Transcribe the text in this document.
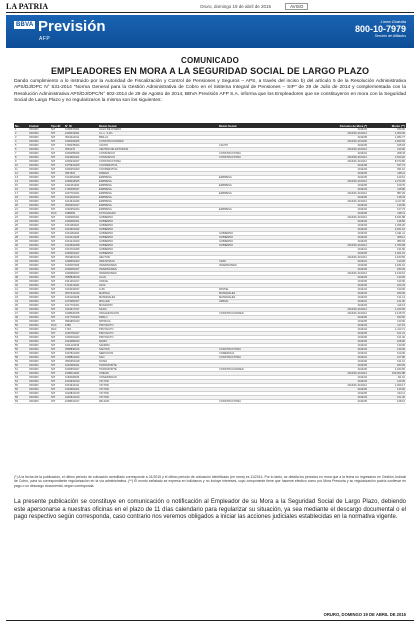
LA PATRIA	Oruro, domingo 19 de abril de 2015	AVISO
BBVA Previsión
AFP
Línea Gratuita
800-10-7979
Servicio de Afiliados
COMUNICADO
EMPLEADORES EN MORA A LA SEGURIDAD SOCIAL DE LARGO PLAZO

Dando cumplimiento a lo instruido por la Autoridad de Fiscalización y Control de Pensiones y Seguros – APS, a través del inciso b) del artículo 5 de la Resolución Administrativa APS/DJ/DPC N° 531-2014 "Norma General para la Gestión Administrativa de Cobro en el Sistema Integral de Pensiones – SIP" de 29 de Julio de 2014 y complementada con la Resolución Administrativa APS/DJ/DPC/N° 602-2014 de 29 de Agosto de 2014, BBVA Previsión AFP S.A. informa que los Empleadores que se constituyeron en mora con la Seguridad Social de Largo Plazo y no regularizaron la misma son los siguientes:

No.	Ciudad	Tipo ID	N° ID	Razón Social	Razón Social	Periodos de Mora (*)	Monto (**)
1	ORURO	NIT	1006047021	ALGO DE DISEÑO		2014/03	180.00
2	ORURO	NIT	1028419021	A.L.L. S.R.L.		2014/01-2014/12	1,000.00
3	ORURO	NIT	3519224011	BRILLO		2014/05	1,384.77
4	ORURO	NIT	1500026025	CONSTRUCCIONES		2014/01-2014/06	1,820.00
5	ORURO	NIT	1700078024	CANTO	CANTO	2014/05	165.04
6	ORURO	CI	3549170	CENTRO DE ESTUDIOS		2014/01-2014/12	140.00
7	ORURO	NIT	1000255026	CONSORCIO	CONSTRUCTORA	2014/01	208.43
8	ORURO	NIT	1023481021	CONSORCIO	CONSTRUCTORA	2014/06-2014/12	1,540.20
9	ORURO	NIT	1000232027	CONSTRUCTORA		2014/01-2014/12	8,372.80
10	ORURO	NIT	1075941025	COOPERATIVA		2014/08	157.74
11	ORURO	NIT	1006251020	COOPERATIVA		2014/03	291.10
12	ORURO	NIT	3547601	DISEÑO		2014/05	108.11
13	ORURO	NIT	1024091028	EMPRESA	EMPRESA	2014/05	120.10
14	ORURO	NIT	1008218025	EMPRESA		2014/01-2014/12	2,273.25
15	ORURO	NIT	1011961020	EMPRESA	EMPRESA	2014/05	129.70
16	ORURO	NIT	1700005027	EMPRESA		2014/03	115.80
17	ORURO	NIT	1007761021	EMPRESA	EMPRESA	2014/01-2014/12	987.25
18	ORURO	NIT	1001004023	EMPRESA		2014/06	148.43
19	ORURO	NIT	1012641026	EMPRESA		2014/01-2014/12	4,117.06
20	ORURO	NIT	3539461017	EMPRESA		2014/04	140.00
21	ORURO	NIT	1000251024	EMPRESA	EMPRESA	2014/02	147.73
22	ORURO	RUC	1088456	FOTOGRAFÍA		2014/06	108.11
23	ORURO	NIT	1000081021	GOBIERNO		2014/01-2014/12	6,041.88
24	ORURO	NIT	1000081021	GOBIERNO		2014/02	148.50
25	ORURO	NIT	1001181021	GOBIERNO		2014/03	1,456.20
26	ORURO	NIT	1001661022	GOBIERNO		2014/03	3,291.16
27	ORURO	NIT	1001181024	GOBIERNO	GOBIERNO	2014/03	1,021.11
28	ORURO	NIT	1001411025	GOBIERNO	GOBIERNO	2014/03	308.14
29	ORURO	NIT	1001241020	GOBIERNO	GOBIERNO	2014/03	980.03
30	ORURO	NIT	1001591028	GOBIERNO	GOBIERNO	2014/01-2014/12	1,780.08
31	ORURO	NIT	1001701025	GOBIERNO		2014/01	131.50
32	ORURO	NIT	1000001027	GOBIERNO		2014/05	1,021.15
33	ORURO	NIT	3519961016	HÉCTOR		2014/01-2014/12	1,180.56
34	ORURO	NIT	1008061023	INDUSTRIAS	CAPA	2014/01	140.00
35	ORURO	NIT	1100007029	INVERSIONES	INVERSIONES	2014/06	1,181.16
36	ORURO	NIT	1000081027	INVERSIONES		2014/06	183.30
37	ORURO	NIT	1000084027	INVERSIONES		2014/01-2014/12	4,190.10
38	ORURO	NIT	3558818018	JUAN		2014/03	140.00
39	ORURO	NIT	1541461017	JORGE		2014/05	140.00
40	ORURO	NIT	1701441021	LIDIA		2014/06	164.33
41	ORURO	NIT	1001034027	LUIS	PASTEL	2014/04	140.00
42	ORURO	NIT	3607441016	MARTHA	MATERIALES	2014/03	180.00
43	ORURO	NIT	1001104028	MATERIALES	MATERIALES	2014/03	141.14
44	ORURO	NIT	1079060027	MOLLER	AMIDAL	2014/01	121.60
45	ORURO	NIT	1017761021	MUNICIPIO		2014/03	116.13
46	ORURO	NIT	3124317017	NILDA		2014/01-2014/12	1,220.05
47	ORURO	NIT	1008020025	ORGANIZACIÓN	CONSTRUCCIONES	2014/01-2014/12	2,125.70
48	ORURO	NIT	1017761026	PABLO		2014/06	183.60
49	ORURO	NIT	3549951010	PATRICIA		2014/05	140.00
50	ORURO	RUC	1580	PROYECTO		2014/03	117.15
51	ORURO	RUC	1704	PROYECTO		2014/04	1,113.71
52	ORURO	NIT	1000781027	PROYECTO		2014/05	101.21
53	ORURO	NIT	1000091023	PROYECTO		2014/06	141.00
54	ORURO	NIT	1023480023	RADIO		2014/06	108.90
55	ORURO	NIT	1011223016	SANDRA		2014/02	140.00
56	ORURO	NIT	3508830016	SANTOS	CONSTRUCTORA	2014/03	140.00
57	ORURO	NIT	1007521026	SERVICIOS	COMERCIAL	2014/04	120.00
58	ORURO	NIT	1008801024	SAN	CONSTRUCTORA	2014/01	127.86
59	ORURO	NIT	3530351018	SONIA		2014/06	141.10
60	ORURO	NIT	1020081021	TRANSPORTE		2014/05	183.00
61	ORURO	NIT	1000551027	TRANSPORTE	CONSTRUCCIONES	2014/06	1,184.50
62	ORURO	NIT	1008011020	UNIDAD		2014/01-2014/12	160,602.88
63	ORURO	NIT	1160048026	UNIVERSIDAD		2014/04	111.10
64	ORURO	NIT	1016931010	VÍCTOR		2014/03	120.00
65	ORURO	NIT	1001941011	VÍCTOR		2014/01-2014/12	1,000.17
66	ORURO	NIT	1018281021	VÍCTOR		2014/06	140.00
67	ORURO	NIT	1020831015	VÍCTOR		2014/05	104.11
68	ORURO	NIT	1002931010	VÍCTOR		2014/03	101.30
69	ORURO	NIT	1008041017	WILSON	CONSTRUCTORA	2014/05	128.10

(*) A la fecha de la publicación, el último periodo de cotización acreditado corresponde a 01/2015 y el último periodo de cotización identificado (en mora) es 11/2014. Por lo tanto, se detalla los periodos en mora que a la fecha no ingresaron en Gestión Judicial de Cobro, para su correspondiente regularización en la vía administrativa. (**) El monto señalado se expresa en bolivianos y no incluye intereses, cuyo componente tiene que hacerse efectivo como por Mora Presunta y su regularización podría conllevar en pago o un descargo documental, según corresponda.

La presente publicación se constituye en comunicación o notificación al Empleador de su Mora a la Seguridad Social de Largo Plazo, debiendo este apersonarse a nuestras oficinas en el plazo de 11 días calendario para regularizar su situación, ya sea mediante el descargo documental o el pago respectivo según corresponda, caso contrario nos veremos obligados a iniciar las acciones judiciales establecidas en la normativa vigente.

ORURO, DOMINGO 19 DE ABRIL DE 2015
